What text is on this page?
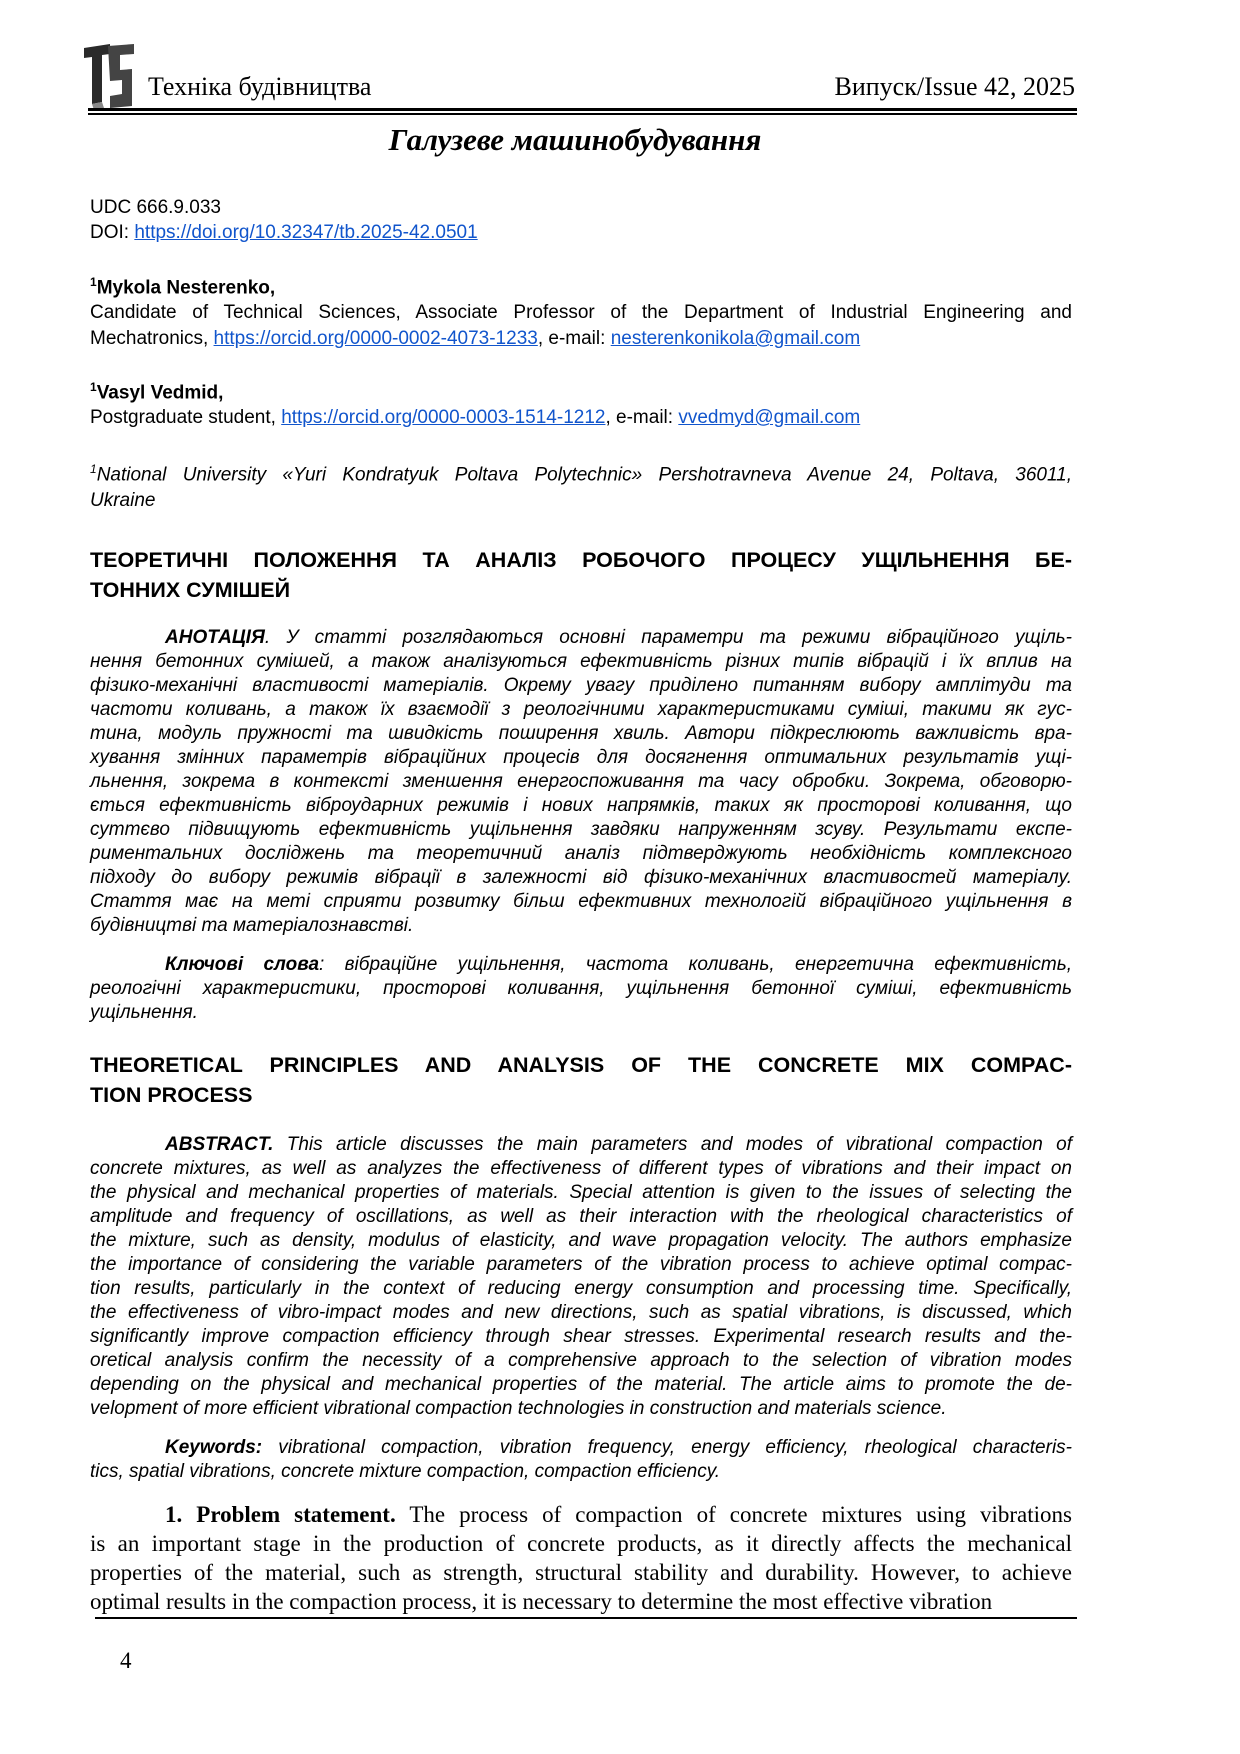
Техніка будівництва	Випуск/Issue 42, 2025
Галузеве машинобудування
UDC 666.9.033
DOI: https://doi.org/10.32347/tb.2025-42.0501
$^1$Mykola Nesterenko,
Candidate of Technical Sciences, Associate Professor of the Department of Industrial Engineering and
Mechatronics, https://orcid.org/0000-0002-4073-1233, e-mail: nesterenkonikola@gmail.com
$^1$Vasyl Vedmid,
Postgraduate student, https://orcid.org/0000-0003-1514-1212, e-mail: vvedmyd@gmail.com
$^1$National University «Yuri Kondratyuk Poltava Polytechnic» Pershotravneva Avenue 24, Poltava, 36011,
Ukraine
ТЕОРЕТИЧНІ ПОЛОЖЕННЯ ТА АНАЛІЗ РОБОЧОГО ПРОЦЕСУ УЩІЛЬНЕННЯ БЕ-
ТОННИХ СУМІШЕЙ
АНОТАЦІЯ. У статті розглядаються основні параметри та режими вібраційного ущіль-
нення бетонних сумішей, а також аналізуються ефективність різних типів вібрацій і їх вплив на
фізико-механічні властивості матеріалів. Окрему увагу приділено питанням вибору амплітуди та
частоти коливань, а також їх взаємодії з реологічними характеристиками суміші, такими як гус-
тина, модуль пружності та швидкість поширення хвиль. Автори підкреслюють важливість вра-
хування змінних параметрів вібраційних процесів для досягнення оптимальних результатів ущі-
льнення, зокрема в контексті зменшення енергоспоживання та часу обробки. Зокрема, обговорю-
ється ефективність віброударних режимів і нових напрямків, таких як просторові коливання, що
суттєво підвищують ефективність ущільнення завдяки напруженням зсуву. Результати експе-
риментальних досліджень та теоретичний аналіз підтверджують необхідність комплексного
підходу до вибору режимів вібрації в залежності від фізико-механічних властивостей матеріалу.
Стаття має на меті сприяти розвитку більш ефективних технологій вібраційного ущільнення в
будівництві та матеріалознавстві.
Ключові слова: вібраційне ущільнення, частота коливань, енергетична ефективність,
реологічні характеристики, просторові коливання, ущільнення бетонної суміші, ефективність
ущільнення.
THEORETICAL PRINCIPLES AND ANALYSIS OF THE CONCRETE MIX COMPAC-
TION PROCESS
ABSTRACT. This article discusses the main parameters and modes of vibrational compaction of
concrete mixtures, as well as analyzes the effectiveness of different types of vibrations and their impact on
the physical and mechanical properties of materials. Special attention is given to the issues of selecting the
amplitude and frequency of oscillations, as well as their interaction with the rheological characteristics of
the mixture, such as density, modulus of elasticity, and wave propagation velocity. The authors emphasize
the importance of considering the variable parameters of the vibration process to achieve optimal compac-
tion results, particularly in the context of reducing energy consumption and processing time. Specifically,
the effectiveness of vibro-impact modes and new directions, such as spatial vibrations, is discussed, which
significantly improve compaction efficiency through shear stresses. Experimental research results and the-
oretical analysis confirm the necessity of a comprehensive approach to the selection of vibration modes
depending on the physical and mechanical properties of the material. The article aims to promote the de-
velopment of more efficient vibrational compaction technologies in construction and materials science.
Keywords: vibrational compaction, vibration frequency, energy efficiency, rheological characteris-
tics, spatial vibrations, concrete mixture compaction, compaction efficiency.
1. Problem statement. The process of compaction of concrete mixtures using vibrations
is an important stage in the production of concrete products, as it directly affects the mechanical
properties of the material, such as strength, structural stability and durability. However, to achieve
optimal results in the compaction process, it is necessary to determine the most effective vibration
4
